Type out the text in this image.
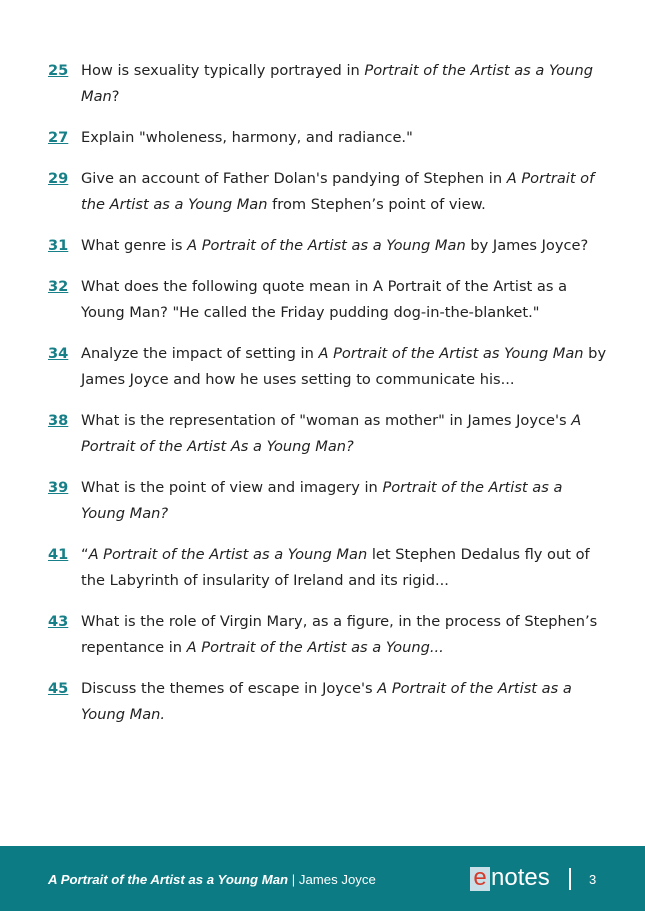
25 How is sexuality typically portrayed in Portrait of the Artist as a Young Man?
27 Explain "wholeness, harmony, and radiance."
29 Give an account of Father Dolan's pandying of Stephen in A Portrait of the Artist as a Young Man from Stephen’s point of view.
31 What genre is A Portrait of the Artist as a Young Man by James Joyce?
32 What does the following quote mean in A Portrait of the Artist as a Young Man? "He called the Friday pudding dog-in-the-blanket."
34 Analyze the impact of setting in A Portrait of the Artist as Young Man by James Joyce and how he uses setting to communicate his...
38 What is the representation of "woman as mother" in James Joyce's A Portrait of the Artist As a Young Man?
39 What is the point of view and imagery in Portrait of the Artist as a Young Man?
41 “A Portrait of the Artist as a Young Man let Stephen Dedalus fly out of the Labyrinth of insularity of Ireland and its rigid...
43 What is the role of Virgin Mary, as a figure, in the process of Stephen’s repentance in A Portrait of the Artist as a Young...
45 Discuss the themes of escape in Joyce's A Portrait of the Artist as a Young Man.
A Portrait of the Artist as a Young Man | James Joyce	e notes	3
